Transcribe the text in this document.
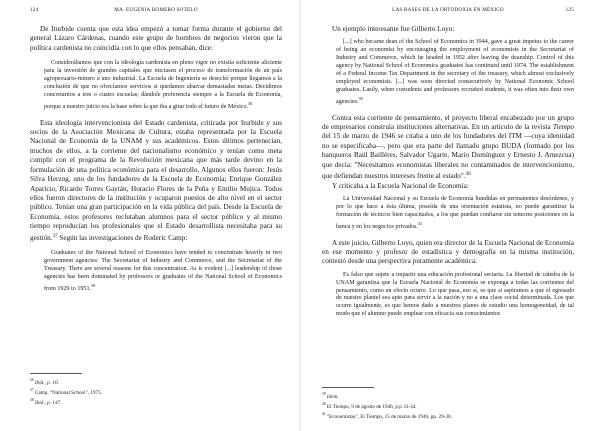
124	MA. EUGENIA ROMERO SOTELO

De Iturbide cuenta que esta idea empezó a tomar forma durante el gobierno del general Lázaro Cárdenas, cuando este grupo de hombres de negocios vieron que la política cardenista no coincidía con lo que ellos pensaban, dice:

Considerábamos que con la ideología cardenista en pleno vigor no existía suficiente aliciente para la inversión de grandes capitales que iniciasen el proceso de transformación de un país agropecuario-minero a uno industrial. La Escuela de Ingeniería se desechó porque llegamos a la conclusión de que no ofrecíamos servicios si quedamos abarcar demasiadas metas. Decidimos concretarnos a tres o cuatro escuelas; dándole preferencia siempre a la Escuela de Economía, porque a nuestro juicio era la base sobre la que iba a girar todo el futuro de México.$^{36}$

Esta ideología intervencionista del Estado cardenista, criticada por Iturbide y sus socios de la Asociación Mexicana de Cultura, estaba representada por la Escuela Nacional de Economía de la UNAM y sus académicos. Estos últimos pertenecían, muchos de ellos, a la corriente del nacionalismo económico y tenían como meta cumplir con el programa de la Revolución mexicana que más tarde devino en la formulación de una política económica para el desarrollo. Algunos ellos fueron: Jesús Silva Herzog, uno de los fundadores de la Escuela de Economía; Enrique González Aparicio, Ricardo Torres Gaytán, Horacio Flores de la Peña y Emilio Mujica. Todos ellos fueron directores de la institución y ocuparon puestos de alto nivel en el sector público. Tenían una gran participación en la vida pública del país. Desde la Escuela de Economía, estos profesores reclutaban alumnos para el sector público y al mismo tiempo reproducían los profesionales que el Estado desarrollista necesitaba para su gestión.$^{37}$ Según las investigaciones de Roderic Camp:

Graduates of the National School of Economics have tended to concentrate heavily in two government agencies: The Secretariat of Industry and Commerce, and the Secretariat of the Treasury. There are several reasons for this concentration. As is evident [...] leadership of those agencies has been dominated by professors or graduates of the National School of Economics from 1929 to 1951.38

$^{36}$ Ibid., p. 10.
$^{37}$ Camp, "National School", 1975.
$^{38}$ Ibid., p. 147.
LAS BASES DE LA ORTODOXIA EN MÉXICO	125

Un ejemplo interesante fue Gilberto Loyo:

[...] who became dean of the School of Economics in 1944, gave a great impetus to the career of being an economist by encouraging the employment of economists in the Secretariat of Industry and Commerce, which he headed in 1952 after leaving the deanship. Control of this agency by National School of Economics graduates has continued until 1974. The establishment of a Federal Income Tax Department in the secretary of the treasury, which almost exclusively employed economists. [...] was soon directed consecutively by National Economic School graduates. Lastly, when costudents and professors recruited students, it was often into their own agencies.$^{39}$

Contra esta corriente de pensamiento, el proyecto liberal encabezado por un grupo de empresarios construía instituciones alternativas. En un artículo de la revista Tiempo del 15 de marzo de 1946 se citaba a uno de los fundadores del ITM —cuya identidad no se especificaba—, pero que era parte del llamado grupo BUDA (formado por los banqueros Raúl Bailléres, Salvador Ugarte, Mario Domínguez y Ernesto J. Amezcua) que decía: "Necesitamos economistas liberales no contaminados de intervencionismo, que defiendan nuestros intereses frente al estado".$^{40}$

Y criticaba a la Escuela Nacional de Economía:

La Universidad Nacional y su Escuela de Economía hundidas en permanentes desórdenes, y por lo que hace a ésta última, poseída de una orientación estatista, no puede garantizar la formación de técnicos bien capacitados, a los que puedan confiarse sin temores posiciones en la banca y en los negocios privados.$^{41}$

A este juicio, Gilberto Loyo, quien era director de la Escuela Nacional de Economía en ese momento y profesor de estadística y demografía en la misma institución, contestó desde una perspectiva puramente académica:

Es falso que sujete a impartir una educación profesional sectaria. La libertad de cátedra de la UNAM garantiza que la Escuela Nacional de Economía se exponga a todas las corrientes del pensamiento, como en efecto ocurre. Lo que pasa, eso sí, es que si aspiramos a que el egresado de nuestro plantel sea apto para servir a la nación y no a una clase social determinada. Los que ocurre igualmente, es que hemos dado a nuestros planes de estudio una homogeneidad, de tal modo que el alumno puede emplear con eficacia sus conocimientos

$^{39}$ Idem.
$^{40}$ El Tiempo, 9 de agosto de 1946, p.p 33-34.
$^{41}$ "Economistas", El Tiempo, 15 de marzo de 1946, pp. 29-30.
